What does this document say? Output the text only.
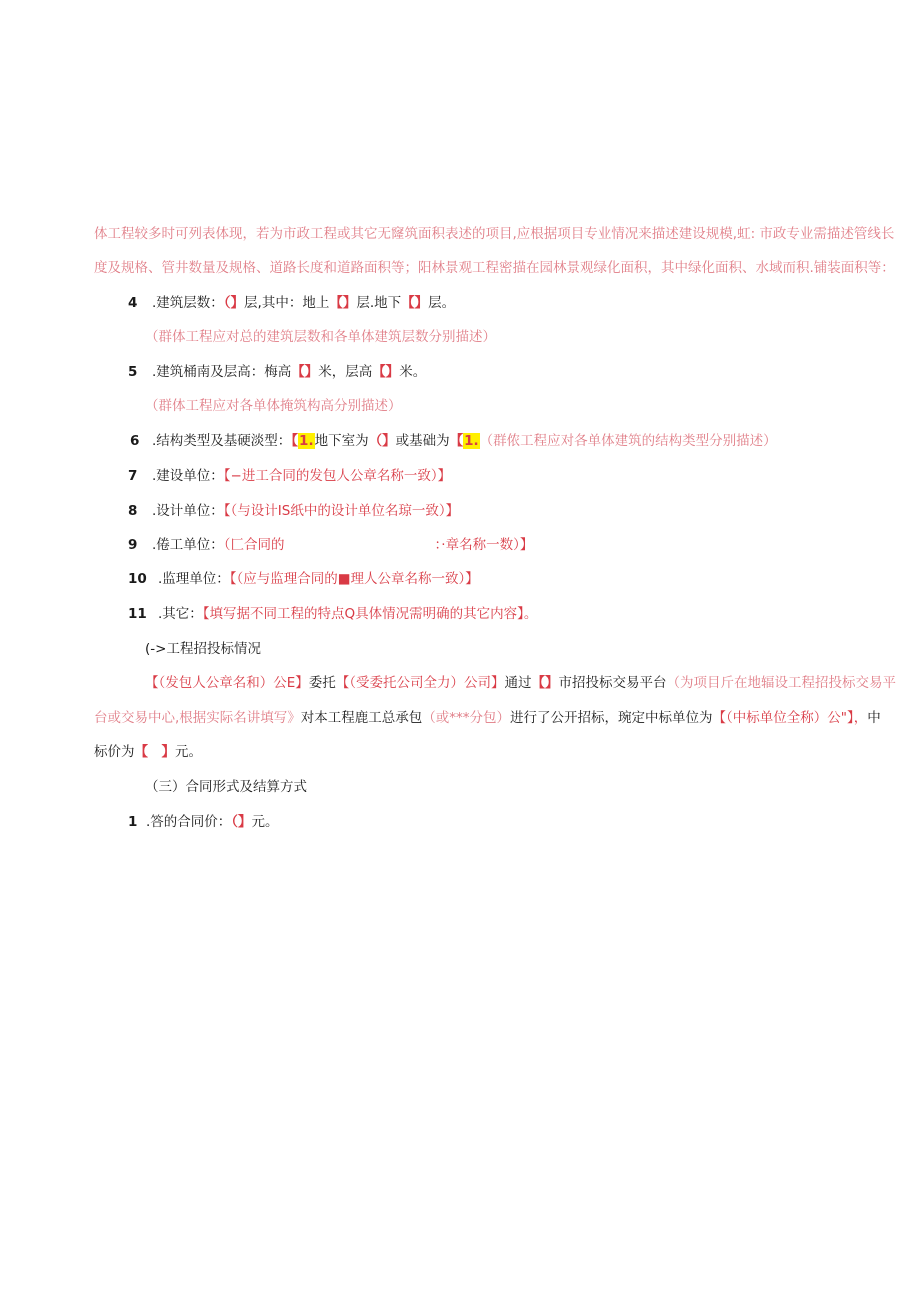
体工程较多时可列表体现，若为市政工程或其它无窿筑面积表述的项目,应根据项目专业情况来描述建设规模,虹: 市政专业需描述管线长
度及规格、管井数量及规格、道路长度和道路面积等；阳林景观工程密描在园林景观绿化面积，其中绿化面积、水域而积.铺装面积等：
4 .建筑层数：（】层,其中：地上【】层.地下【】层。
（群体工程应对总的建筑层数和各单体建筑层数分别描述）
5 .建筑桶南及层高：梅高【】米，层高【】米。
（群体工程应对各单体掩筑构高分别描述）
6 .结构类型及基硬淡型：【1.地下室为（】或基础为【1.（群侬工程应对各单体建筑的结构类型分别描述）
7 .建设单位：【−进工合同的发包人公章名称一致）】
8 .设计单位：【（与设计IS纸中的设计单位名琼一致）】
9 .倦工单位：（匚合同的	：·章名称一数）】
10 .监理单位：【（应与监理合同的■理人公章名称一致）】
11 .其它：【填写据不同工程的特点Q具体情况需明确的其它内容】。
(->工程招投标情况
【（发包人公章名和）公E】委托【（受委托公司全力）公司】通过【】市招投标交易平台（为项目斤在地辐设工程招投标交易平
台或交易中心,根据实际名讲填写》对本工程鹿工总承包（或***分包）进行了公开招标，琬定中标单位为【（中标单位全称）公"】，中
标价为【　】元。
（三）合同形式及结算方式
1 .答的合同价：（】元。
